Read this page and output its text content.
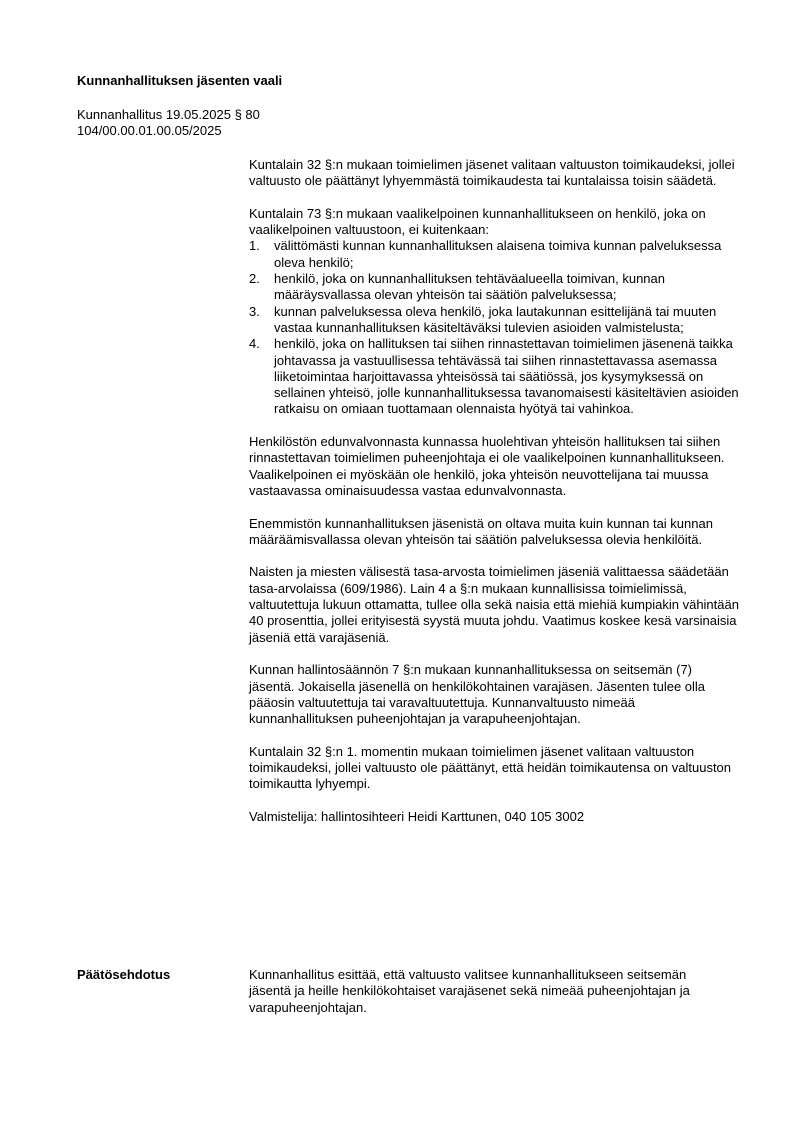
Kunnanhallituksen jäsenten vaali
Kunnanhallitus 19.05.2025 § 80
104/00.00.01.00.05/2025

Kuntalain 32 §:n mukaan toimielimen jäsenet valitaan valtuuston toimikaudeksi, jollei valtuusto ole päättänyt lyhyemmästä toimikaudesta tai kuntalaissa toisin säädetä.

Kuntalain 73 §:n mukaan vaalikelpoinen kunnanhallitukseen on henkilö, joka on vaalikelpoinen valtuustoon, ei kuitenkaan:

1. välittömästi kunnan kunnanhallituksen alaisena toimiva kunnan palveluksessa oleva henkilö;
2. henkilö, joka on kunnanhallituksen tehtäväalueella toimivan, kunnan määräysvallassa olevan yhteisön tai säätiön palveluksessa;
3. kunnan palveluksessa oleva henkilö, joka lautakunnan esittelijänä tai muuten vastaa kunnanhallituksen käsiteltäväksi tulevien asioiden valmistelusta;
4. henkilö, joka on hallituksen tai siihen rinnastettavan toimielimen jäsenenä taikka johtavassa ja vastuullisessa tehtävässä tai siihen rinnastettavassa asemassa liiketoimintaa harjoittavassa yhteisössä tai säätiössä, jos kysymyksessä on sellainen yhteisö, jolle kunnanhallituksessa tavanomaisesti käsiteltävien asioiden ratkaisu on omiaan tuottamaan olennaista hyötyä tai vahinkoa.

Henkilöstön edunvalvonnasta kunnassa huolehtivan yhteisön hallituksen tai siihen rinnastettavan toimielimen puheenjohtaja ei ole vaalikelpoinen kunnanhallitukseen. Vaalikelpoinen ei myöskään ole henkilö, joka yhteisön neuvottelijana tai muussa vastaavassa ominaisuudessa vastaa edunvalvonnasta.

Enemmistön kunnanhallituksen jäsenistä on oltava muita kuin kunnan tai kunnan määräämisvallassa olevan yhteisön tai säätiön palveluksessa olevia henkilöitä.

Naisten ja miesten välisestä tasa-arvosta toimielimen jäseniä valittaessa säädetään tasa-arvolaissa (609/1986). Lain 4 a §:n mukaan kunnallisissa toimielimissä, valtuutettuja lukuun ottamatta, tullee olla sekä naisia että miehiä kumpiakin vähintään 40 prosenttia, jollei erityisestä syystä muuta johdu. Vaatimus koskee kesä varsinaisia jäseniä että varajäseniä.

Kunnan hallintosäännön 7 §:n mukaan kunnanhallituksessa on seitsemän (7) jäsentä. Jokaisella jäsenellä on henkilökohtainen varajäsen. Jäsenten tulee olla pääosin valtuutettuja tai varavaltuutettuja. Kunnanvaltuusto nimeää kunnanhallituksen puheenjohtajan ja varapuheenjohtajan.

Kuntalain 32 §:n 1. momentin mukaan toimielimen jäsenet valitaan valtuuston toimikaudeksi, jollei valtuusto ole päättänyt, että heidän toimikautensa on valtuuston toimikautta lyhyempi.

Valmistelija: hallintosihteeri Heidi Karttunen, 040 105 3002

Päätösehdotus	Kunnanhallitus esittää, että valtuusto valitsee kunnanhallitukseen seitsemän jäsentä ja heille henkilökohtaiset varajäsenet sekä nimeää puheenjohtajan ja varapuheenjohtajan.
